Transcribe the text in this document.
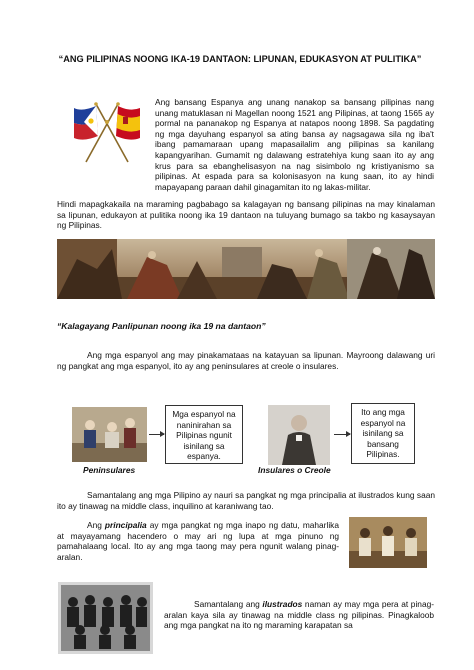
“ANG PILIPINAS NOONG IKA-19 DANTAON: LIPUNAN, EDUKASYON AT PULITIKA”

Ang bansang Espanya ang unang nanakop sa bansang pilipinas nang unang matuklasan ni Magellan noong 1521 ang Pilipinas, at taong 1565 ay pormal na pananakop ng Espanya at natapos noong 1898. Sa pagdating ng mga dayuhang espanyol sa ating bansa ay nagsagawa sila ng iba't ibang pamamaraan upang mapasailalim ang pilipinas sa kanilang kapangyarihan. Gumamit ng dalawang estratehiya kung saan ito ay ang krus para sa ebanghelisasyon na nag sisimbolo ng kristiyanismo sa pilipinas. At espada para sa kolonisasyon na kung saan, ito ay hindi mapayapang paraan dahil ginagamitan ito ng lakas-militar.

Hindi mapagkakaila na maraming pagbabago sa kalagayan ng bansang pilipinas na may kinalaman sa lipunan, edukayon at pulitika noong ika 19 dantaon na tuluyang bumago sa takbo ng kasaysayan ng Pilipinas.

“Kalagayang Panlipunan noong ika 19 na dantaon”

Ang mga espanyol ang may pinakamataas na katayuan sa lipunan. Mayroong dalawang uri ng pangkat ang mga espanyol, ito ay ang peninsulares at creole o insulares.

Mga espanyol na naninirahan sa Pilipinas ngunit isinilang sa espanya.
Peninsulares
Ito ang mga espanyol na isinilang sa bansang Pilipinas.
Insulares o Creole

Samantalang ang mga Pilipino ay nauri sa pangkat ng mga principalia at ilustrados kung saan ito ay tinawag na middle class, inquilino at karaniwang tao.

Ang principalia ay mga pangkat ng mga inapo ng datu, maharlika at mayayamang hacendero o may ari ng lupa at mga pinuno ng pamahalaang local. Ito ay ang mga taong may pera ngunit walang pinag-aralan.

Samantalang ang ilustrados naman ay may mga pera at pinag-aralan kaya sila ay tinawag na middle class ng pilipinas. Pinagkaloob ang mga pangkat na ito ng maraming karapatan sa
